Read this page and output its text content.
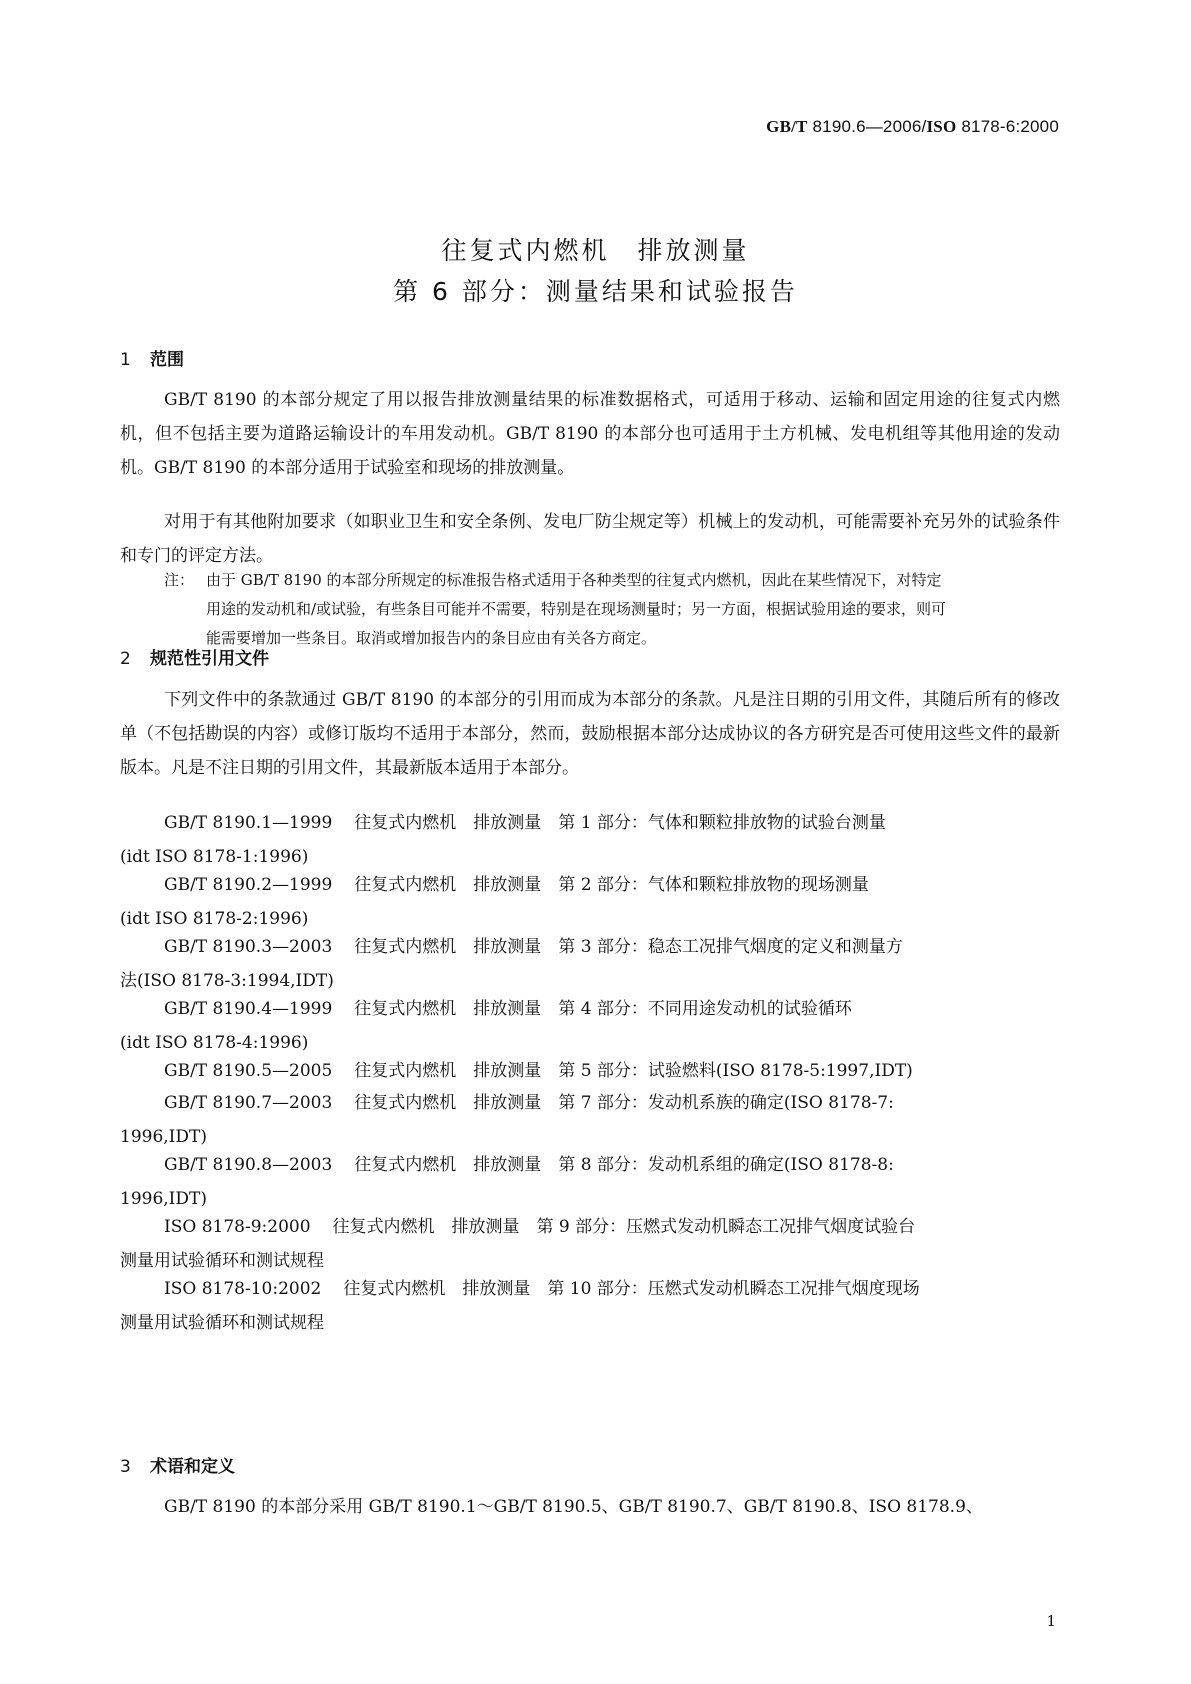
GB/T 8190.6—2006/ISO 8178-6:2000
往复式内燃机　排放测量
第 6 部分：测量结果和试验报告
1 范围
GB/T 8190 的本部分规定了用以报告排放测量结果的标准数据格式，可适用于移动、运输和固定用途的往复式内燃机，但不包括主要为道路运输设计的车用发动机。GB/T 8190 的本部分也可适用于土方机械、发电机组等其他用途的发动机。GB/T 8190 的本部分适用于试验室和现场的排放测量。
对用于有其他附加要求（如职业卫生和安全条例、发电厂防尘规定等）机械上的发动机，可能需要补充另外的试验条件和专门的评定方法。
注： 由于 GB/T 8190 的本部分所规定的标准报告格式适用于各种类型的往复式内燃机，因此在某些情况下，对特定
用途的发动机和/或试验，有些条目可能并不需要，特别是在现场测量时；另一方面，根据试验用途的要求，则可
能需要增加一些条目。取消或增加报告内的条目应由有关各方商定。
2 规范性引用文件
下列文件中的条款通过 GB/T 8190 的本部分的引用而成为本部分的条款。凡是注日期的引用文件，其随后所有的修改单（不包括勘误的内容）或修订版均不适用于本部分，然而，鼓励根据本部分达成协议的各方研究是否可使用这些文件的最新版本。凡是不注日期的引用文件，其最新版本适用于本部分。
GB/T 8190.1—1999 往复式内燃机　排放测量　第 1 部分：气体和颗粒排放物的试验台测量
(idt ISO 8178-1:1996)
GB/T 8190.2—1999 往复式内燃机　排放测量　第 2 部分：气体和颗粒排放物的现场测量
(idt ISO 8178-2:1996)
GB/T 8190.3—2003 往复式内燃机　排放测量　第 3 部分：稳态工况排气烟度的定义和测量方
法(ISO 8178-3:1994,IDT)
GB/T 8190.4—1999 往复式内燃机　排放测量　第 4 部分：不同用途发动机的试验循环
(idt ISO 8178-4:1996)
GB/T 8190.5—2005 往复式内燃机　排放测量　第 5 部分：试验燃料(ISO 8178-5:1997,IDT)
GB/T 8190.7—2003 往复式内燃机　排放测量　第 7 部分：发动机系族的确定(ISO 8178-7:
1996,IDT)
GB/T 8190.8—2003 往复式内燃机　排放测量　第 8 部分：发动机系组的确定(ISO 8178-8:
1996,IDT)
ISO 8178-9:2000 往复式内燃机　排放测量　第 9 部分：压燃式发动机瞬态工况排气烟度试验台
测量用试验循环和测试规程
ISO 8178-10:2002 往复式内燃机　排放测量　第 10 部分：压燃式发动机瞬态工况排气烟度现场
测量用试验循环和测试规程
3 术语和定义
GB/T 8190 的本部分采用 GB/T 8190.1～GB/T 8190.5、GB/T 8190.7、GB/T 8190.8、ISO 8178.9、
1
